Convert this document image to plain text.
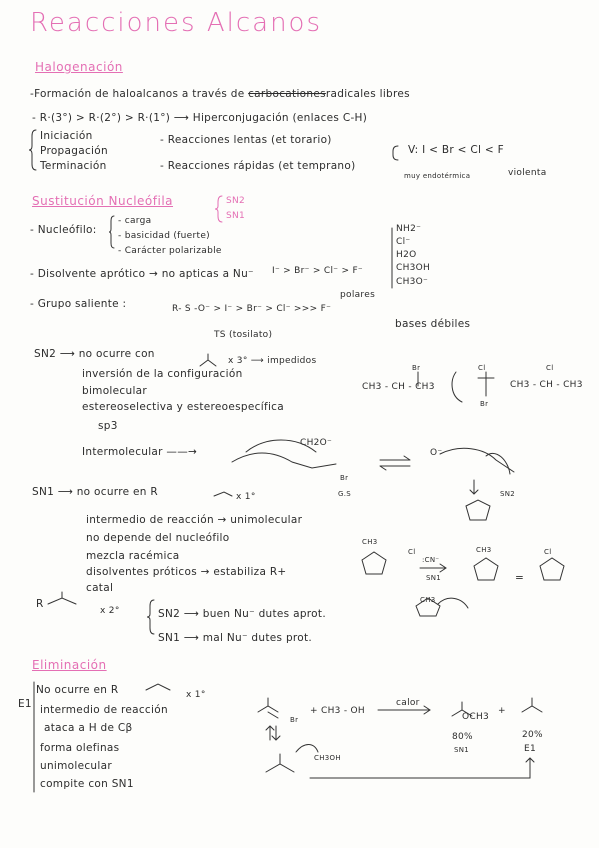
Reacciones Alcanos
Halogenación
-Formación de haloalcanos a través de carbocationesradicales libres
- R·(3°) > R·(2°) > R·(1°) ⟶ Hiperconjugación (enlaces C-H)
Iniciación
Propagación
Terminación
- Reacciones lentas (et torario)
- Reacciones rápidas (et temprano)
V: I < Br < Cl < F
muy endotérmica	violenta
Sustitución Nucleófila	SN2
SN1
- Nucleófilo:
- carga
- basicidad (fuerte)
- Carácter polarizable
NH2⁻
Cl⁻
H2O
CH3OH
CH3O⁻
I⁻ > Br⁻ > Cl⁻ > F⁻
- Disolvente aprótico → no apticas a Nu⁻
polares
- Grupo saliente :	R- S -O⁻ > I⁻ > Br⁻ > Cl⁻ >>> F⁻
bases débiles
TS (tosilato)
SN2 ⟶ no ocurre con
x 3° ⟶ impedidos
inversión de la configuración
bimolecular
estereoselectiva y estereoespecífica
sp3
Intermolecular ——→
G.S
CH2O⁻
O⁻
SN2
CH3 - CH - CH3	CH3 - CH - CH3
Br
Br
Cl	Cl
Br
SN1 ⟶ no ocurre en R	x 1°
intermedio de reacción → unimolecular
no depende del nucleófilo
mezcla racémica
disolventes próticos → estabiliza R+
catal
CH3
Cl
:CN⁻
SN1
CH3	Cl
=
CH3
R
x 2°	SN2 ⟶ buen Nu⁻ dutes aprot.
SN1 ⟶ mal Nu⁻ dutes prot.
Eliminación
No ocurre en R	x 1°
E1 intermedio de reacción
ataca a H de Cβ
forma olefinas
unimolecular
compite con SN1
Br
+ CH3 - OH
calor
OCH3
+
80%
SN1
20%
E1
CH3OH
